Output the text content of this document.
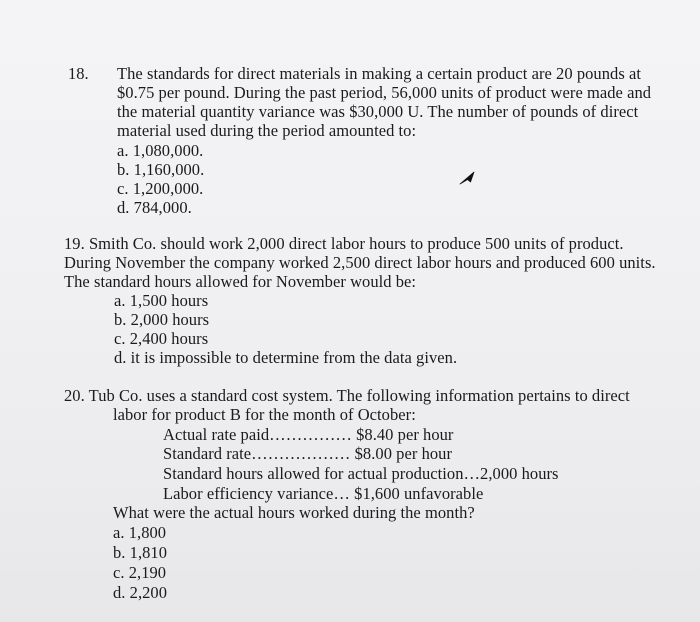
18. The standards for direct materials in making a certain product are 20 pounds at
$0.75 per pound. During the past period, 56,000 units of product were made and
the material quantity variance was $30,000 U. The number of pounds of direct
material used during the period amounted to:
a. 1,080,000.
b. 1,160,000.
c. 1,200,000.
d. 784,000.
19. Smith Co. should work 2,000 direct labor hours to produce 500 units of product.
During November the company worked 2,500 direct labor hours and produced 600 units.
The standard hours allowed for November would be:
a. 1,500 hours
b. 2,000 hours
c. 2,400 hours
d. it is impossible to determine from the data given.
20. Tub Co. uses a standard cost system. The following information pertains to direct
labor for product B for the month of October:
Actual rate paid…………… $8.40 per hour
Standard rate……………… $8.00 per hour
Standard hours allowed for actual production…2,000 hours
Labor efficiency variance… $1,600 unfavorable
What were the actual hours worked during the month?
a. 1,800
b. 1,810
c. 2,190
d. 2,200
